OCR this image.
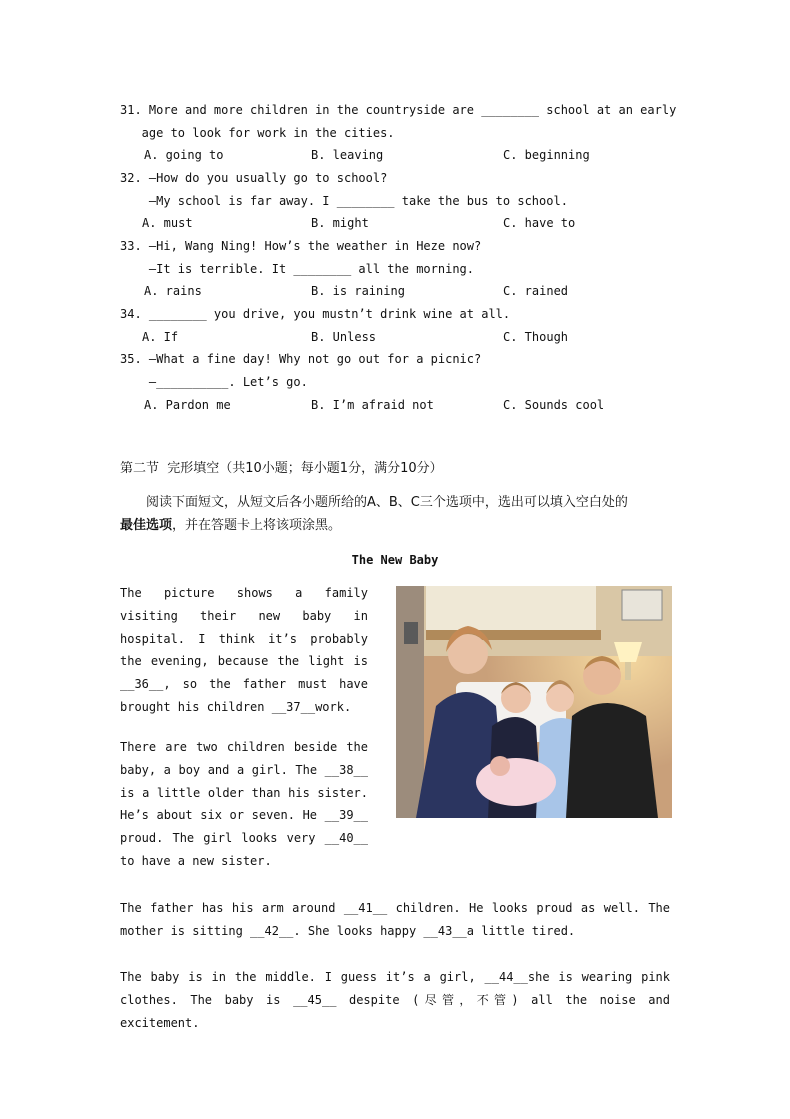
31. More and more children in the countryside are ________ school at an early
age to look for work in the cities.
A. going to	B. leaving	C. beginning
32. —How do you usually go to school?
—My school is far away. I ________ take the bus to school.
A. must	B. might	C. have to
33. —Hi, Wang Ning! How’s the weather in Heze now?
—It is terrible. It ________ all the morning.
A. rains	B. is raining	C. rained
34. ________ you drive, you mustn’t drink wine at all.
A. If	B. Unless	C. Though
35. —What a fine day! Why not go out for a picnic?
—__________. Let’s go.
A. Pardon me	B. I’m afraid not	C. Sounds cool
第二节  完形填空（共10小题；每小题1分，满分10分）
阅读下面短文，从短文后各小题所给的A、B、C三个选项中，选出可以填入空白处的
最佳选项，并在答题卡上将该项涂黑。
The New Baby
The picture shows a family visiting their new baby in hospital. I think it’s probably the evening, because the light is __36__, so the father must have brought his children __37__work.
There are two children beside the baby, a boy and a girl. The __38__ is a little older than his sister. He’s about six or seven. He __39__ proud. The girl looks very __40__ to have a new sister.
The father has his arm around __41__ children. He looks proud as well. The mother is sitting __42__. She looks happy __43__a little tired.
The baby is in the middle. I guess it’s a girl, __44__she is wearing pink clothes. The baby is __45__ despite (尽管，不管) all the noise and excitement.
